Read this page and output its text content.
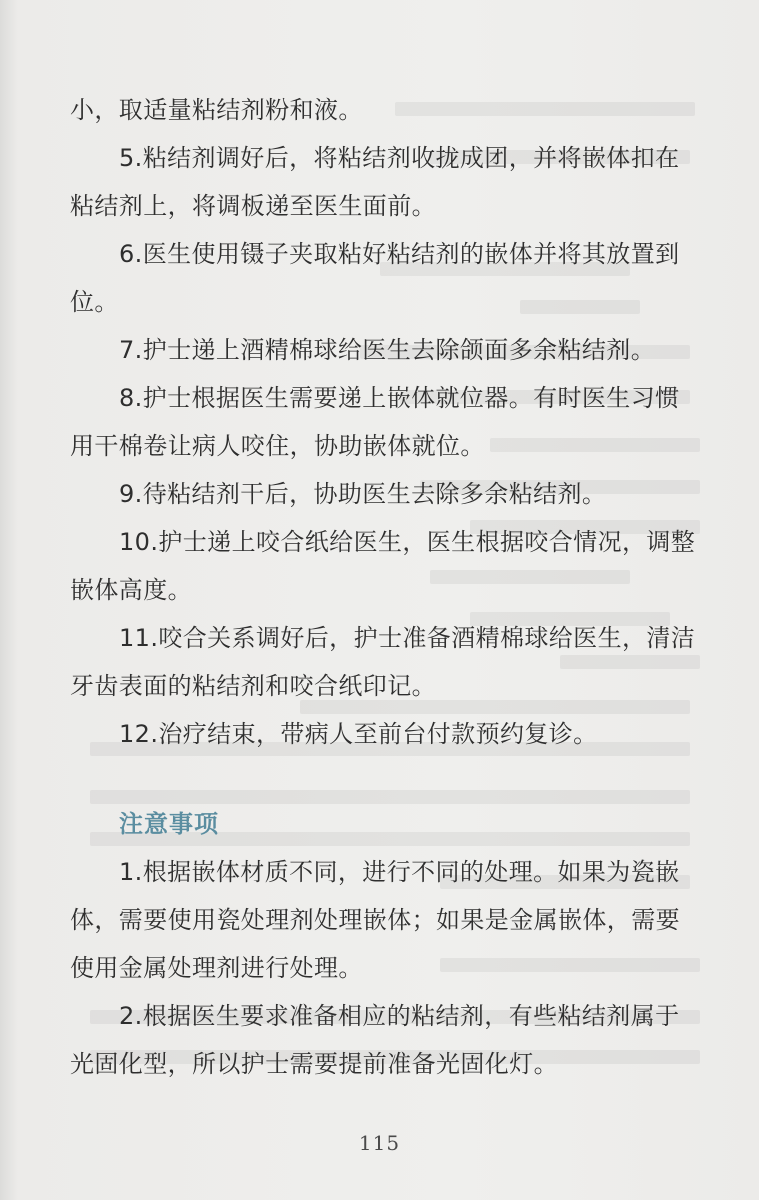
小，取适量粘结剂粉和液。
5.粘结剂调好后，将粘结剂收拢成团，并将嵌体扣在
粘结剂上，将调板递至医生面前。
6.医生使用镊子夹取粘好粘结剂的嵌体并将其放置到
位。
7.护士递上酒精棉球给医生去除颌面多余粘结剂。
8.护士根据医生需要递上嵌体就位器。有时医生习惯
用干棉卷让病人咬住，协助嵌体就位。
9.待粘结剂干后，协助医生去除多余粘结剂。
10.护士递上咬合纸给医生，医生根据咬合情况，调整
嵌体高度。
11.咬合关系调好后，护士准备酒精棉球给医生，清洁
牙齿表面的粘结剂和咬合纸印记。
12.治疗结束，带病人至前台付款预约复诊。
注意事项
1.根据嵌体材质不同，进行不同的处理。如果为瓷嵌
体，需要使用瓷处理剂处理嵌体；如果是金属嵌体，需要
使用金属处理剂进行处理。
2.根据医生要求准备相应的粘结剂，有些粘结剂属于
光固化型，所以护士需要提前准备光固化灯。
115
